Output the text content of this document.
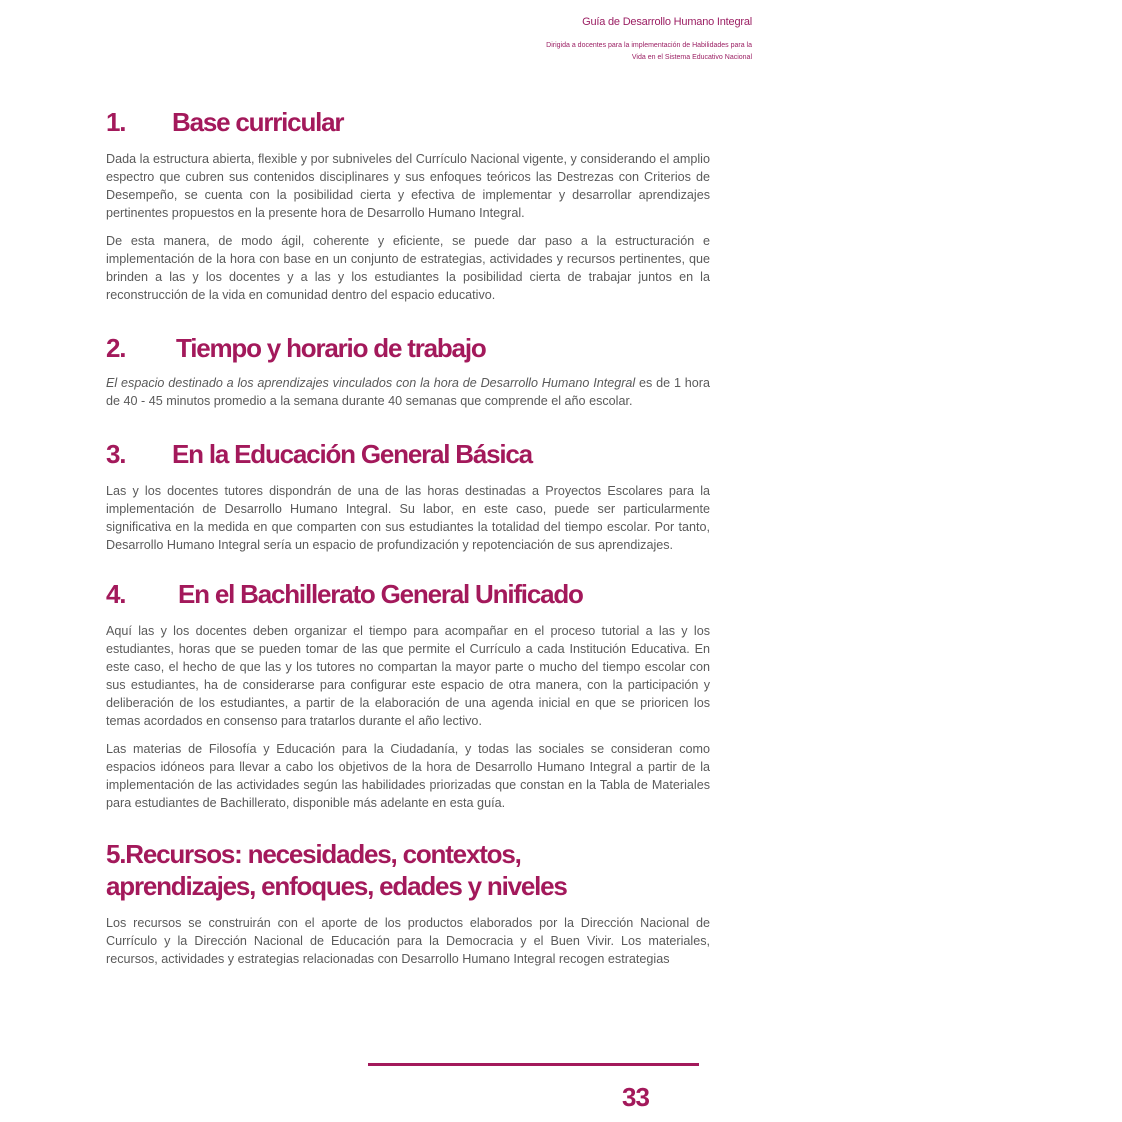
Guía de Desarrollo Humano Integral
Dirigida a docentes para la implementación de Habilidades para la
Vida en el Sistema Educativo Nacional
1. Base curricular

Dada la estructura abierta, flexible y por subniveles del Currículo Nacional vigente, y considerando el amplio espectro que cubren sus contenidos disciplinares y sus enfoques teóricos las Destrezas con Criterios de Desempeño, se cuenta con la posibilidad cierta y efectiva de implementar y desarrollar aprendizajes pertinentes propuestos en la presente hora de Desarrollo Humano Integral.

De esta manera, de modo ágil, coherente y eficiente, se puede dar paso a la estructuración e implementación de la hora con base en un conjunto de estrategias, actividades y recursos pertinentes, que brinden a las y los docentes y a las y los estudiantes la posibilidad cierta de trabajar juntos en la reconstrucción de la vida en comunidad dentro del espacio educativo.

2. Tiempo y horario de trabajo

El espacio destinado a los aprendizajes vinculados con la hora de Desarrollo Humano Integral es de 1 hora de 40 - 45 minutos promedio a la semana durante 40 semanas que comprende el año escolar.

3. En la Educación General Básica

Las y los docentes tutores dispondrán de una de las horas destinadas a Proyectos Escolares para la implementación de Desarrollo Humano Integral. Su labor, en este caso, puede ser particularmente significativa en la medida en que comparten con sus estudiantes la totalidad del tiempo escolar. Por tanto, Desarrollo Humano Integral sería un espacio de profundización y repotenciación de sus aprendizajes.

4. En el Bachillerato General Unificado

Aquí las y los docentes deben organizar el tiempo para acompañar en el proceso tutorial a las y los estudiantes, horas que se pueden tomar de las que permite el Currículo a cada Institución Educativa. En este caso, el hecho de que las y los tutores no compartan la mayor parte o mucho del tiempo escolar con sus estudiantes, ha de considerarse para configurar este espacio de otra manera, con la participación y deliberación de los estudiantes, a partir de la elaboración de una agenda inicial en que se prioricen los temas acordados en consenso para tratarlos durante el año lectivo.

Las materias de Filosofía y Educación para la Ciudadanía, y todas las sociales se consideran como espacios idóneos para llevar a cabo los objetivos de la hora de Desarrollo Humano Integral a partir de la implementación de las actividades según las habilidades priorizadas que constan en la Tabla de Materiales para estudiantes de Bachillerato, disponible más adelante en esta guía.

5.Recursos: necesidades, contextos,
aprendizajes, enfoques, edades y niveles

Los recursos se construirán con el aporte de los productos elaborados por la Dirección Nacional de Currículo y la Dirección Nacional de Educación para la Democracia y el Buen Vivir. Los materiales, recursos, actividades y estrategias relacionadas con Desarrollo Humano Integral recogen estrategias

33
